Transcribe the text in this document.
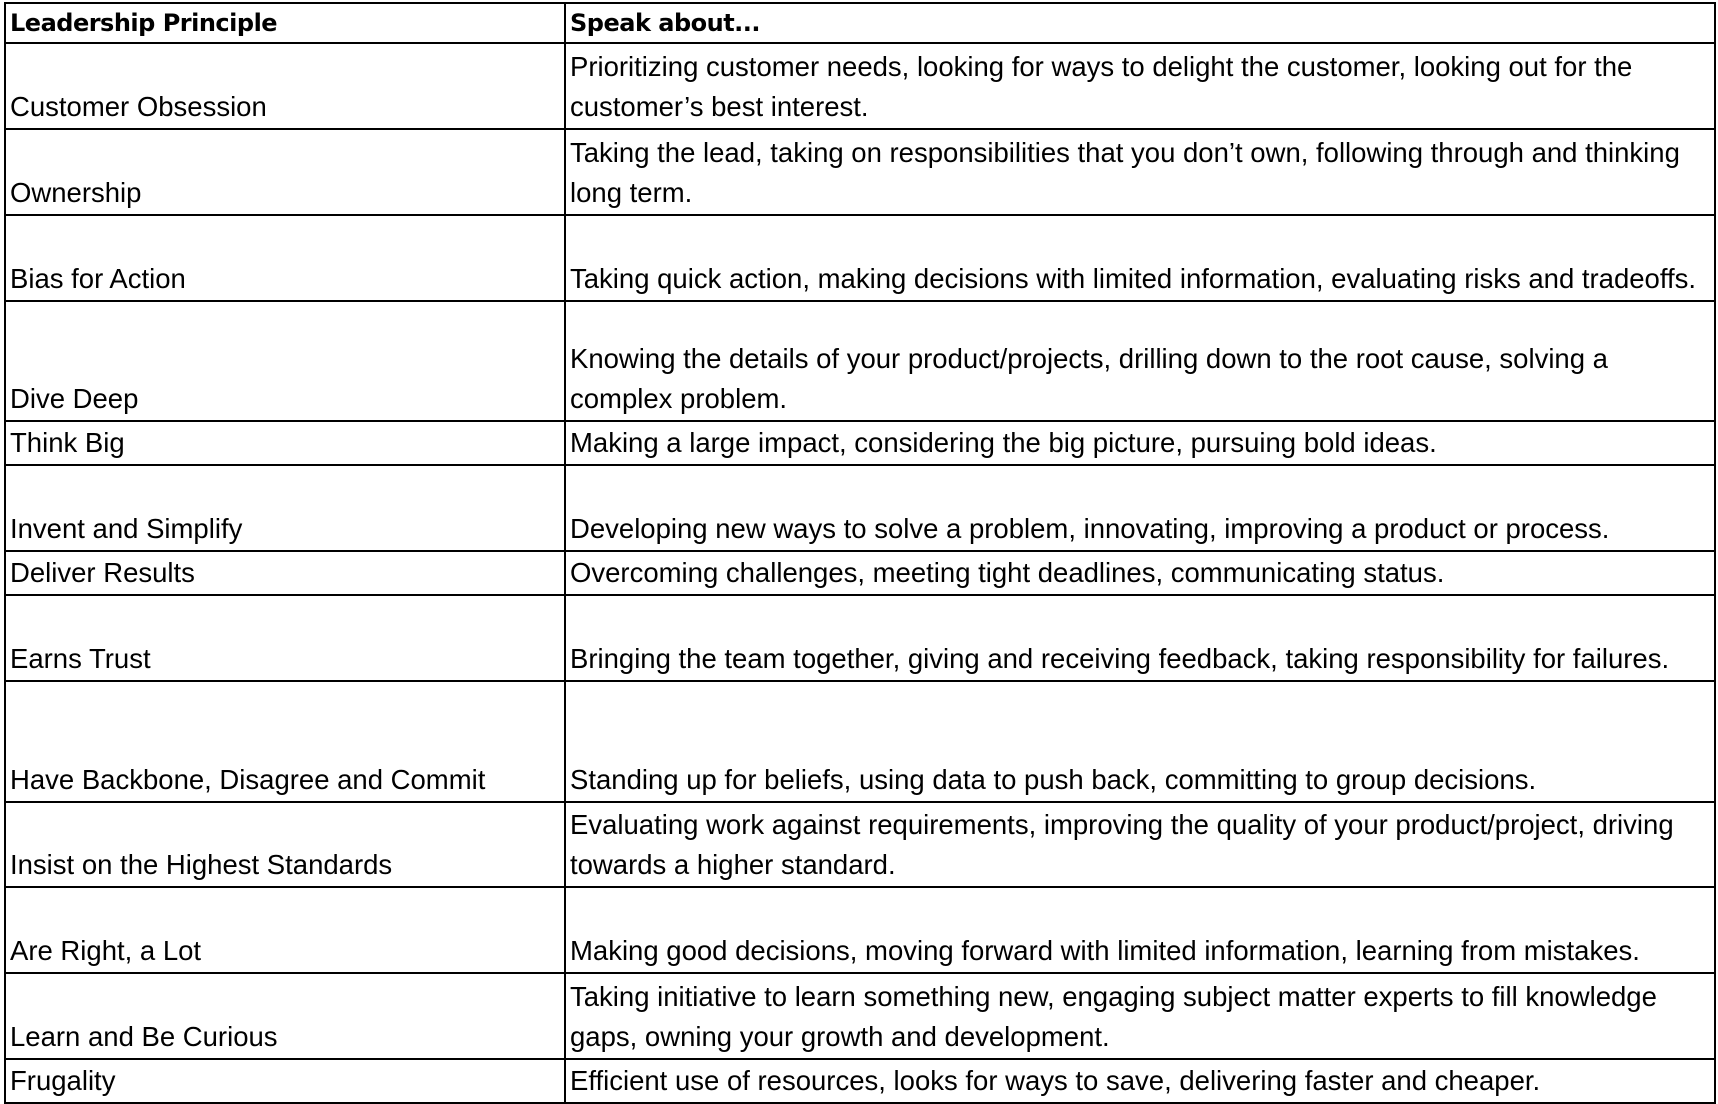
Leadership Principle	Speak about...
Customer Obsession	Prioritizing customer needs, looking for ways to delight the customer, looking out for the customer’s best interest.
Ownership	Taking the lead, taking on responsibilities that you don’t own, following through and thinking long term.
Bias for Action	Taking quick action, making decisions with limited information, evaluating risks and tradeoffs.
Dive Deep	Knowing the details of your product/projects, drilling down to the root cause, solving a complex problem.
Think Big	Making a large impact, considering the big picture, pursuing bold ideas.
Invent and Simplify	Developing new ways to solve a problem, innovating, improving a product or process.
Deliver Results	Overcoming challenges, meeting tight deadlines, communicating status.
Earns Trust	Bringing the team together, giving and receiving feedback, taking responsibility for failures.
Have Backbone, Disagree and Commit	Standing up for beliefs, using data to push back, committing to group decisions.
Insist on the Highest Standards	Evaluating work against requirements, improving the quality of your product/project, driving towards a higher standard.
Are Right, a Lot	Making good decisions, moving forward with limited information, learning from mistakes.
Learn and Be Curious	Taking initiative to learn something new, engaging subject matter experts to fill knowledge gaps, owning your growth and development.
Frugality	Efficient use of resources, looks for ways to save, delivering faster and cheaper.
